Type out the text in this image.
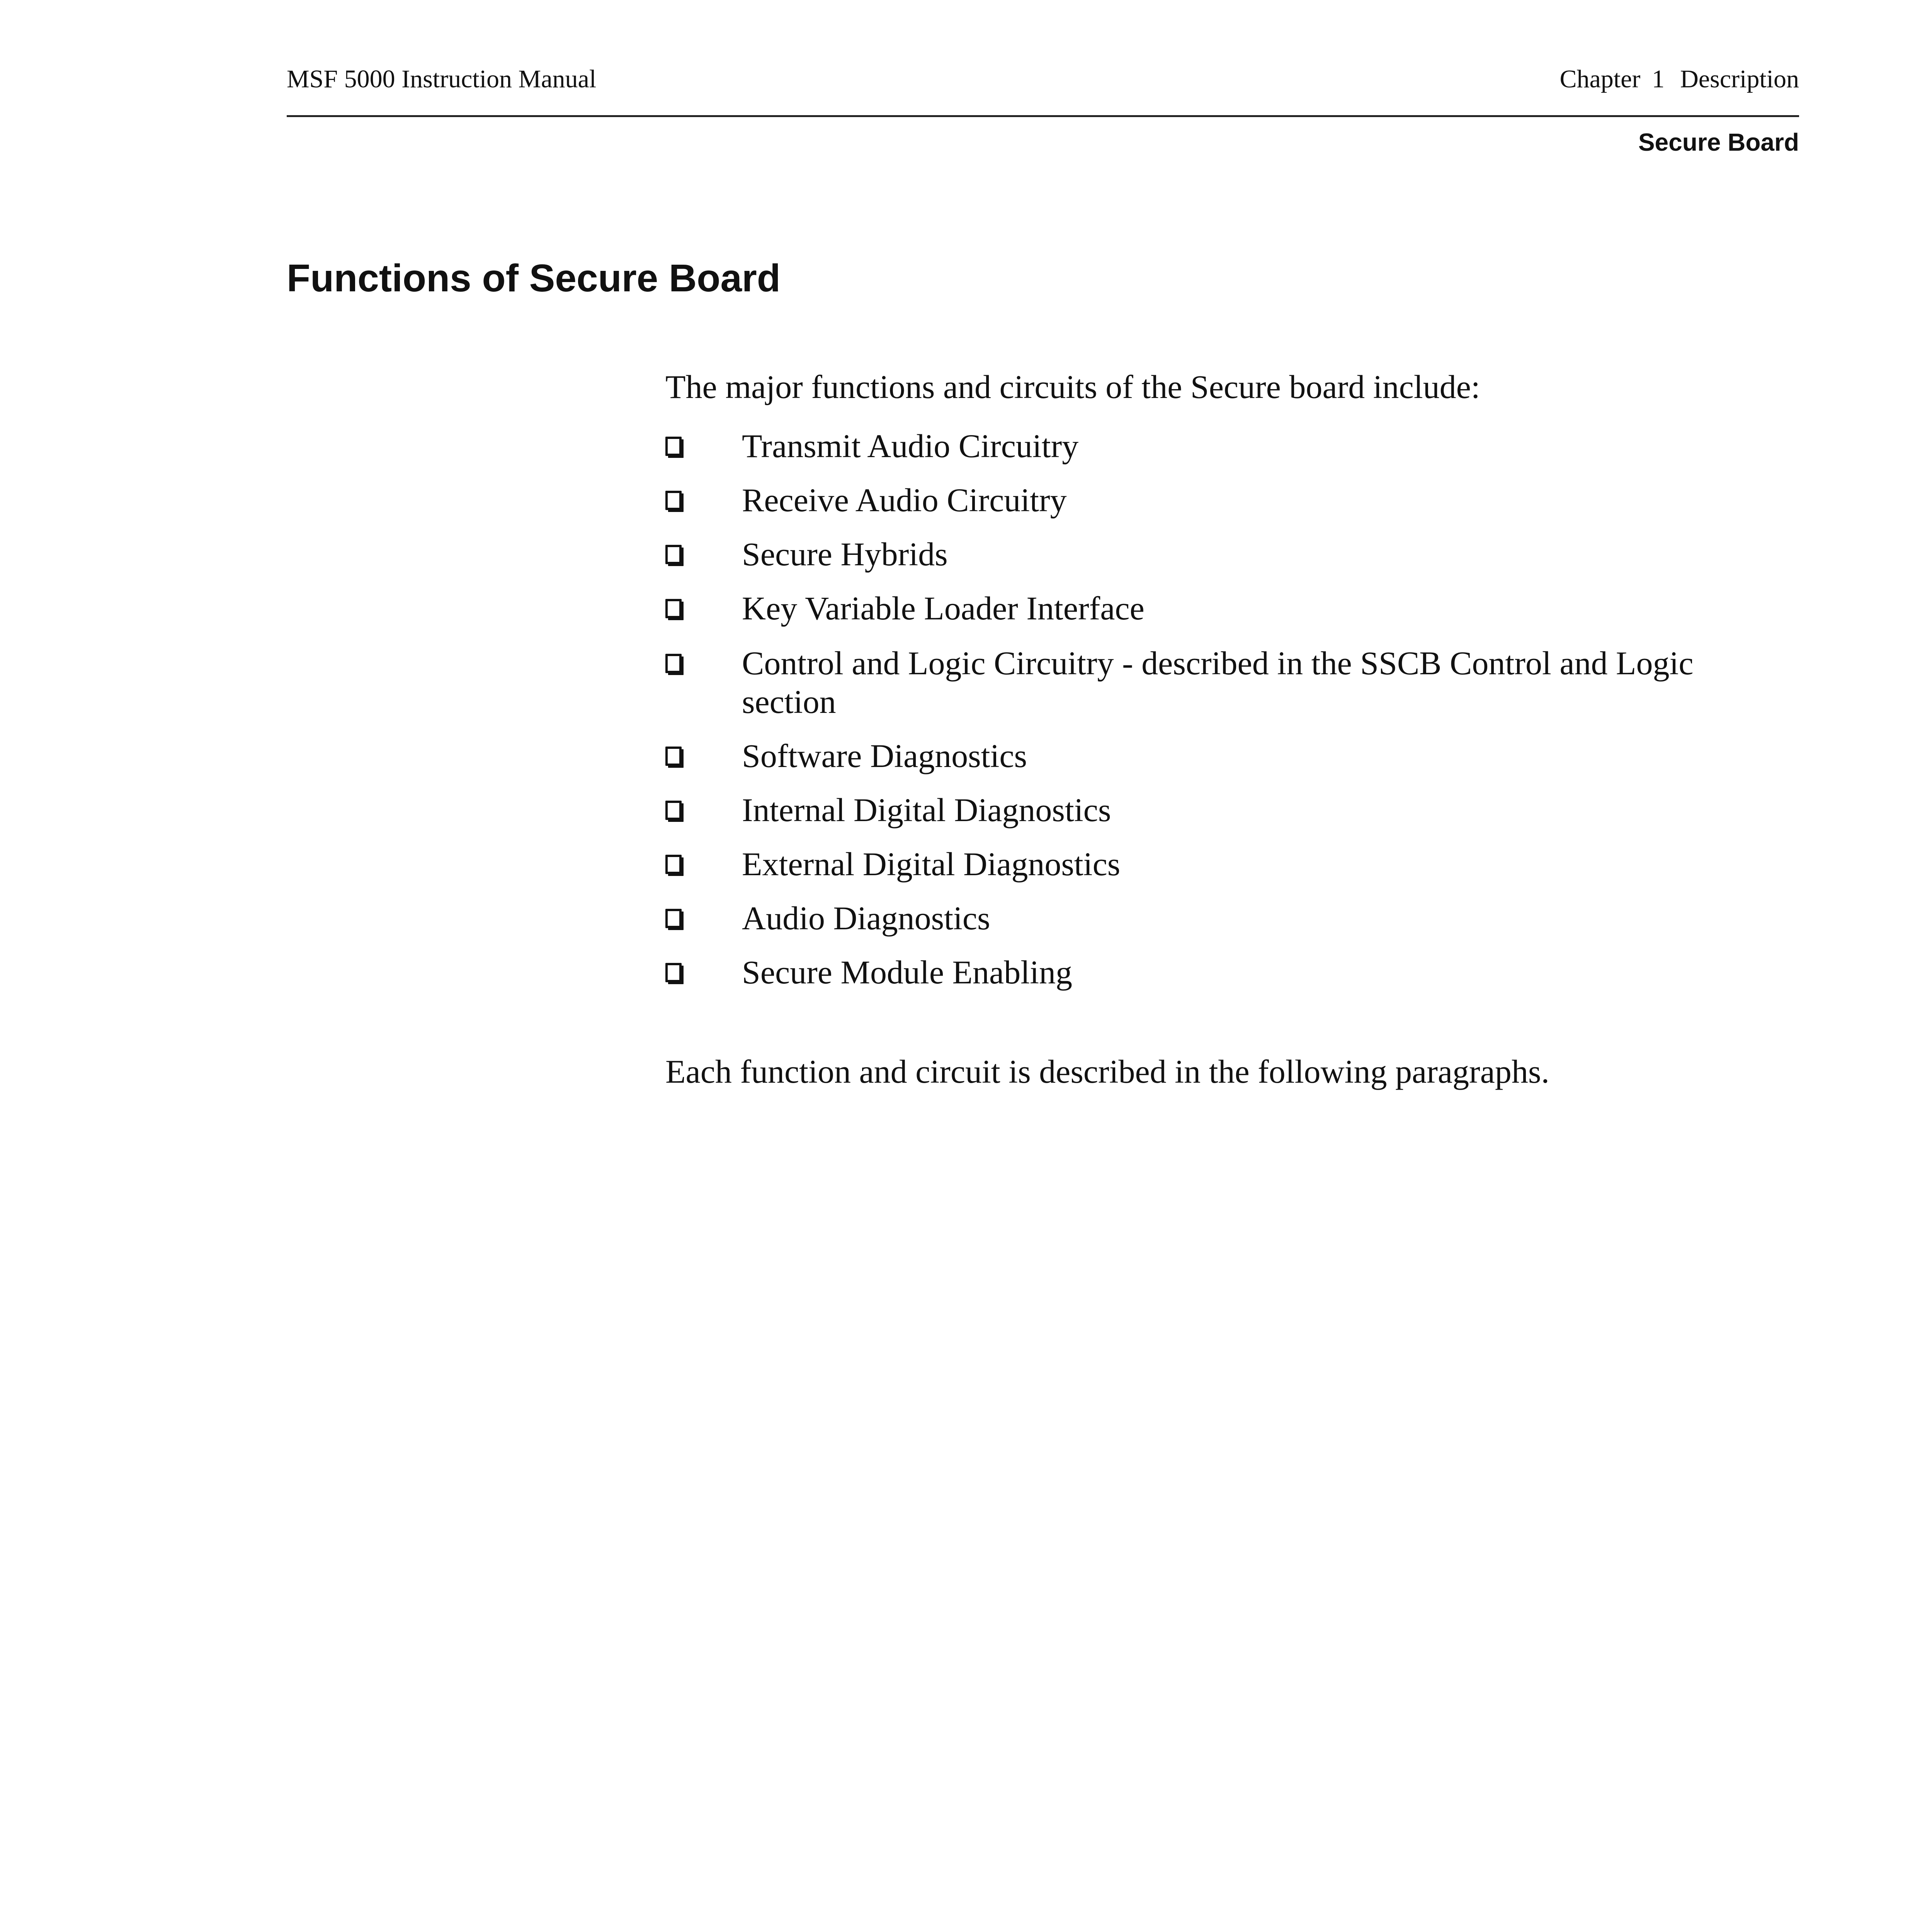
MSF 5000 Instruction Manual	Chapter 1 Description
Secure Board
Functions of Secure Board

The major functions and circuits of the Secure board include:

Transmit Audio Circuitry
Receive Audio Circuitry
Secure Hybrids
Key Variable Loader Interface
Control and Logic Circuitry - described in the SSCB Control and Logic section
Software Diagnostics
Internal Digital Diagnostics
External Digital Diagnostics
Audio Diagnostics
Secure Module Enabling

Each function and circuit is described in the following paragraphs.
